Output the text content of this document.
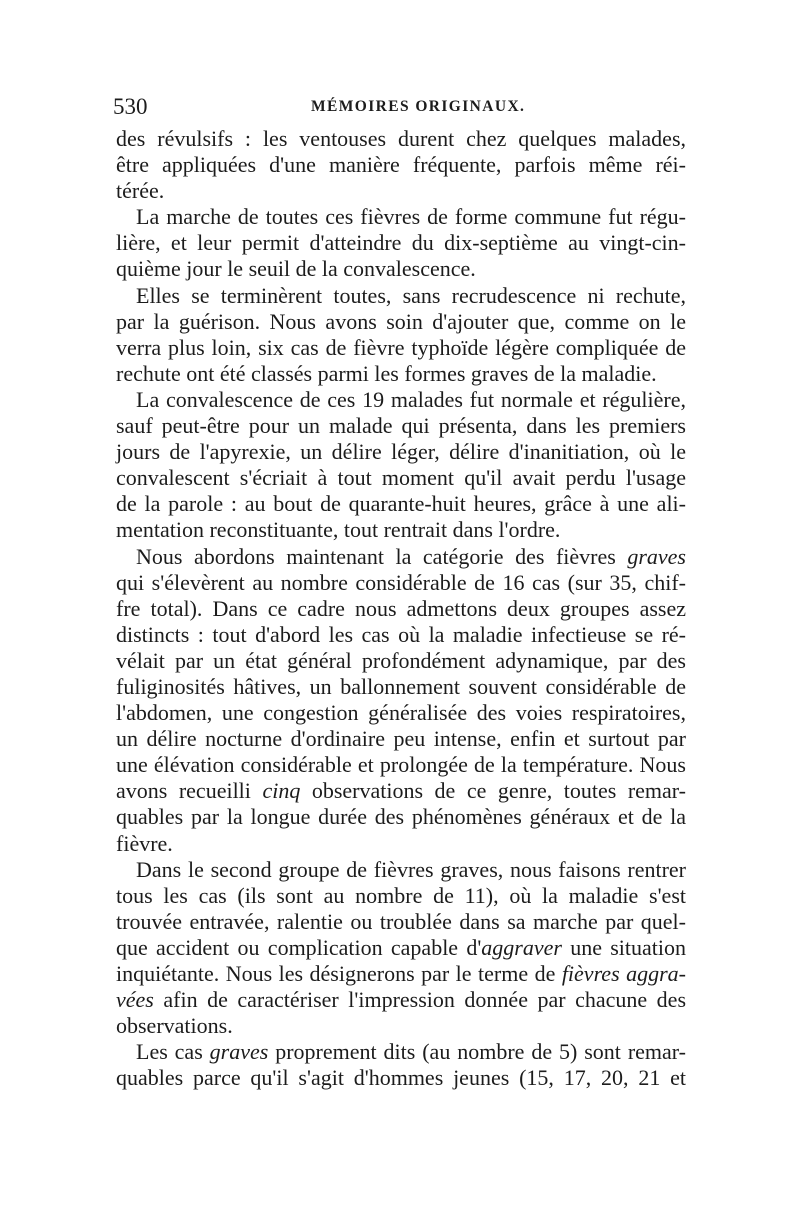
530	MÉMOIRES ORIGINAUX.
des révulsifs : les ventouses durent chez quelques malades,
être appliquées d'une manière fréquente, parfois même réi-
térée.
La marche de toutes ces fièvres de forme commune fut régu-
lière, et leur permit d'atteindre du dix-septième au vingt-cin-
quième jour le seuil de la convalescence.
Elles se terminèrent toutes, sans recrudescence ni rechute,
par la guérison. Nous avons soin d'ajouter que, comme on le
verra plus loin, six cas de fièvre typhoïde légère compliquée de
rechute ont été classés parmi les formes graves de la maladie.
La convalescence de ces 19 malades fut normale et régulière,
sauf peut-être pour un malade qui présenta, dans les premiers
jours de l'apyrexie, un délire léger, délire d'inanitiation, où le
convalescent s'écriait à tout moment qu'il avait perdu l'usage
de la parole : au bout de quarante-huit heures, grâce à une ali-
mentation reconstituante, tout rentrait dans l'ordre.
Nous abordons maintenant la catégorie des fièvres graves
qui s'élevèrent au nombre considérable de 16 cas (sur 35, chif-
fre total). Dans ce cadre nous admettons deux groupes assez
distincts : tout d'abord les cas où la maladie infectieuse se ré-
vélait par un état général profondément adynamique, par des
fuliginosités hâtives, un ballonnement souvent considérable de
l'abdomen, une congestion généralisée des voies respiratoires,
un délire nocturne d'ordinaire peu intense, enfin et surtout par
une élévation considérable et prolongée de la température. Nous
avons recueilli cinq observations de ce genre, toutes remar-
quables par la longue durée des phénomènes généraux et de la
fièvre.
Dans le second groupe de fièvres graves, nous faisons rentrer
tous les cas (ils sont au nombre de 11), où la maladie s'est
trouvée entravée, ralentie ou troublée dans sa marche par quel-
que accident ou complication capable d'aggraver une situation
inquiétante. Nous les désignerons par le terme de fièvres aggra-
vées afin de caractériser l'impression donnée par chacune des
observations.
Les cas graves proprement dits (au nombre de 5) sont remar-
quables parce qu'il s'agit d'hommes jeunes (15, 17, 20, 21 et
